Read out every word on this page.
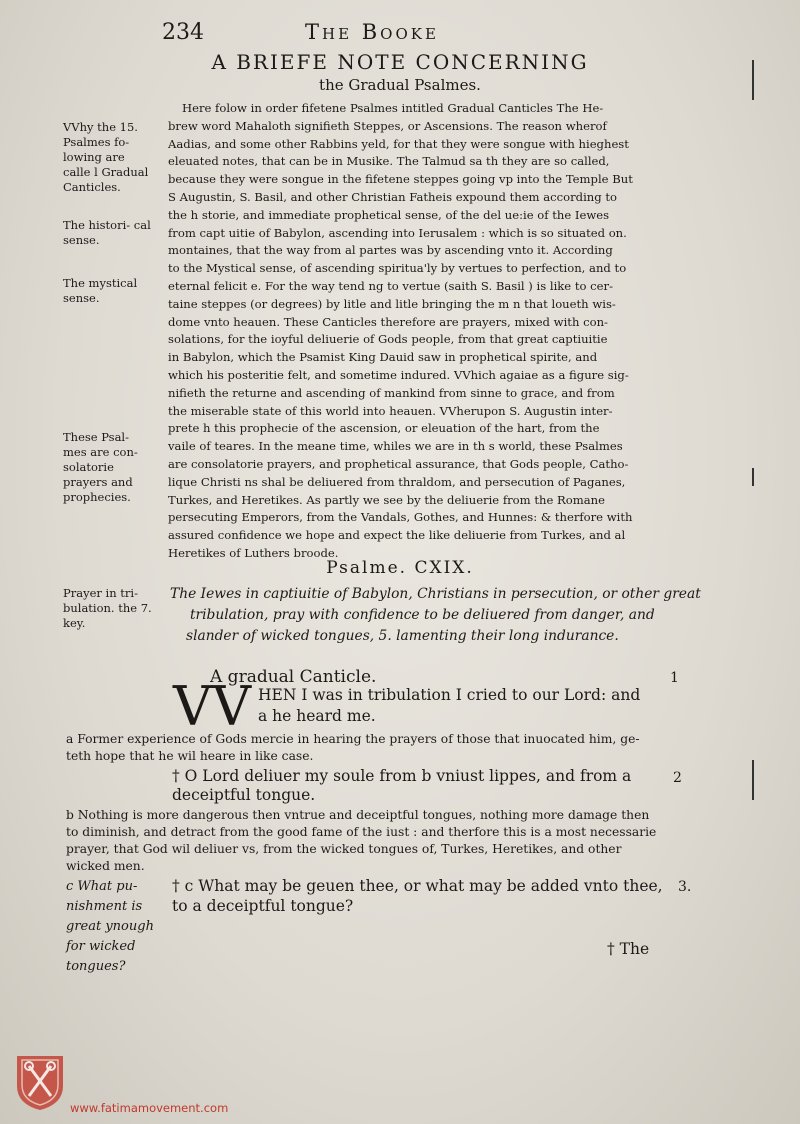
234	The Booke
A BRIEFE NOTE CONCERNING
the Gradual Psalmes.
Here folow in order fifetene Psalmes intitled Gradual Canticles The He-
brew word Mahaloth signifieth Steppes, or Ascensions. The reason wherof
Aadias, and some other Rabbins yeld, for that they were songue with hieghest
eleuated notes, that can be in Musike. The Talmud sa th they are so called,
because they were songue in the fifetene steppes going vp into the Temple But
S Augustin, S. Basil, and other Christian Fatheis expound them according to
the h storie, and immediate prophetical sense, of the del ue:ie of the Iewes
from capt uitie of Babylon, ascending into Ierusalem : which is so situated on.
montaines, that the way from al partes was by ascending vnto it. According
to the Mystical sense, of ascending spiritua'ly by vertues to perfection, and to
eternal felicit e. For the way tend ng to vertue (saith S. Basil ) is like to cer-
taine steppes (or degrees) by litle and litle bringing the m n that loueth wis-
dome vnto heauen. These Canticles therefore are prayers, mixed with con-
solations, for the ioyful deliuerie of Gods people, from that great captiuitie
in Babylon, which the Psamist King Dauid saw in prophetical spirite, and
which his posteritie felt, and sometime indured. VVhich agaiae as a figure sig-
nifieth the returne and ascending of mankind from sinne to grace, and from
the miserable state of this world into heauen. VVherupon S. Augustin inter-
prete h this prophecie of the ascension, or eleuation of the hart, from the
vaile of teares. In the meane time, whiles we are in th s world, these Psalmes
are consolatorie prayers, and prophetical assurance, that Gods people, Catho-
lique Christi ns shal be deliuered from thraldom, and persecution of Paganes,
Turkes, and Heretikes. As partly we see by the deliuerie from the Romane
persecuting Emperors, from the Vandals, Gothes, and Hunnes: & therfore with
assured confidence we hope and expect the like deliuerie from Turkes, and al
Heretikes of Luthers broode.
VVhy the 15. Psalmes fo- lowing are calle l Gradual Canticles.
The histori- cal sense.
The mystical sense.
These Psal- mes are con- solatorie prayers and prophecies.
Prayer in tri- bulation. the 7. key.
Psalme. CXIX.
The Iewes in captiuitie of Babylon, Christians in persecution, or other great
tribulation, pray with confidence to be deliuered from danger, and
slander of wicked tongues, 5. lamenting their long indurance.
A gradual Canticle.	1
VV HEN I was in tribulation I cried to our Lord: and
a he heard me.
a Former experience of Gods mercie in hearing the prayers of those that inuocated him, ge-
teth hope that he wil heare in like case.
† O Lord deliuer my soule from b vniust lippes, and from a	2
deceiptful tongue.
b Nothing is more dangerous then vntrue and deceiptful tongues, nothing more damage then
to diminish, and detract from the good fame of the iust : and therfore this is a most necessarie
prayer, that God wil deliuer vs, from the wicked tongues of, Turkes, Heretikes, and other
wicked men.
c What pu- nishment is great ynough for wicked tongues?
† c What may be geuen thee, or what may be added vnto thee, 3.
to a deceiptful tongue?
† The
www.fatimamovement.com
